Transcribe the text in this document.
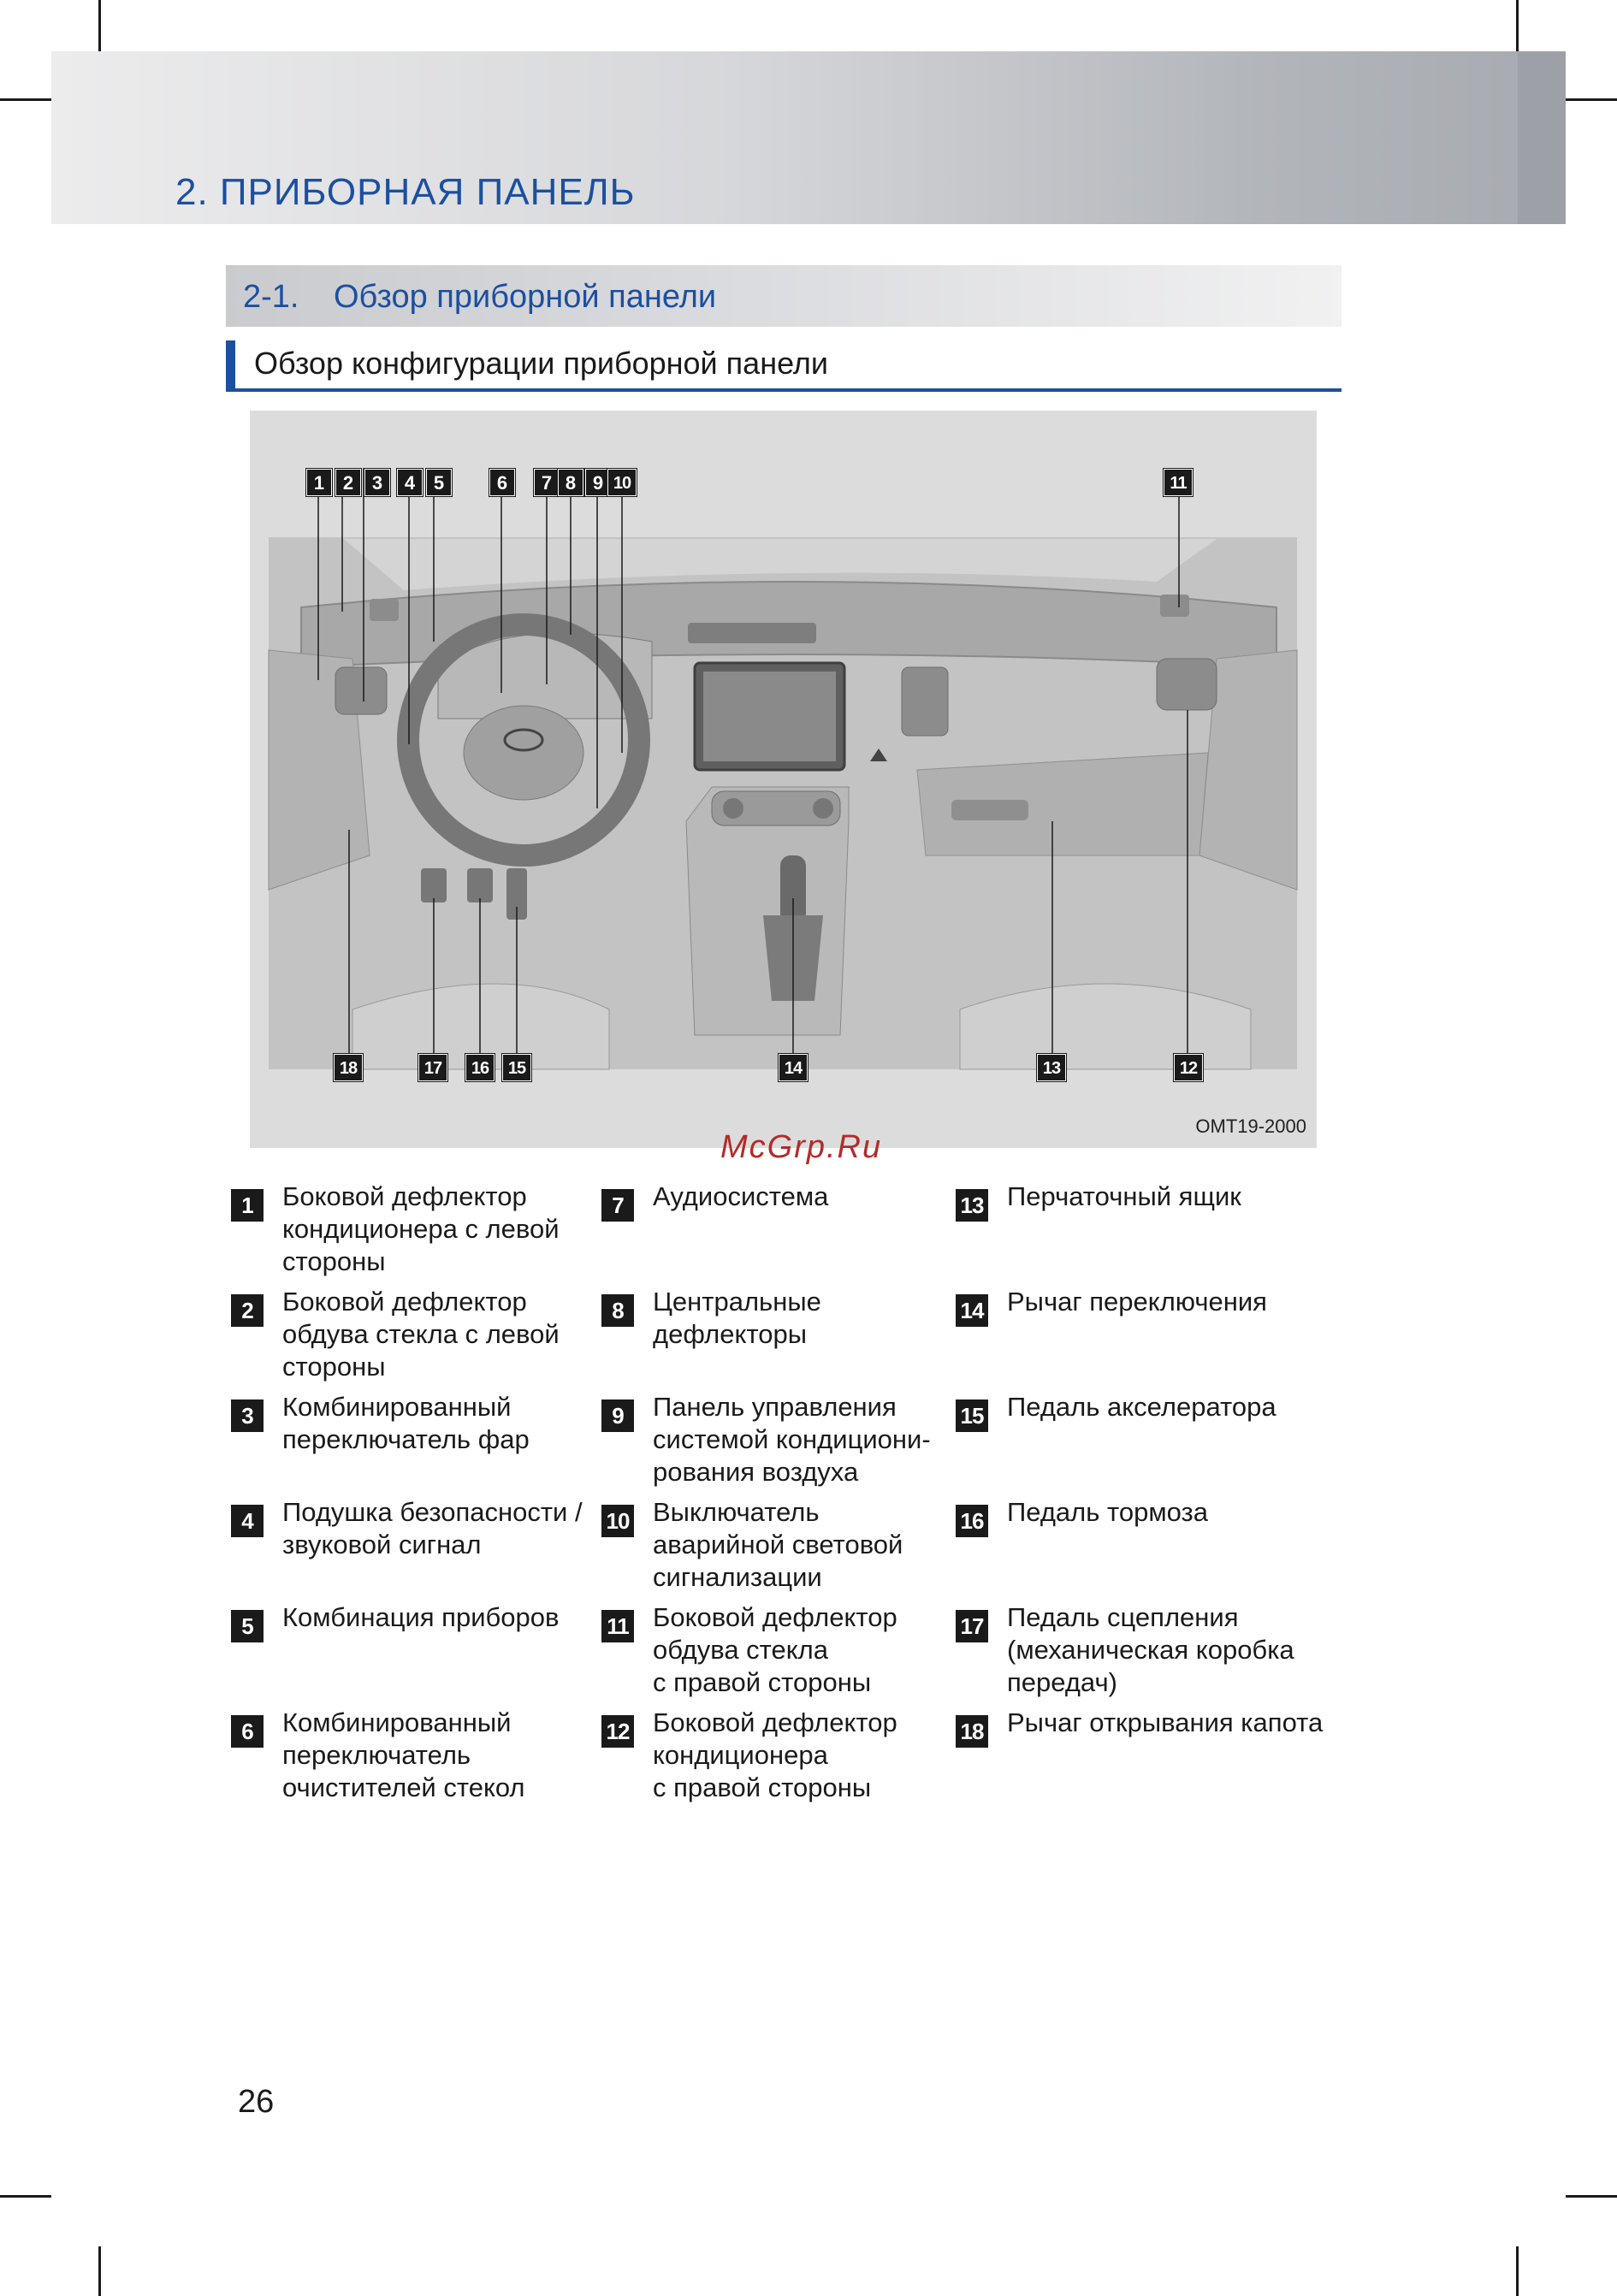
2. ПРИБОРНАЯ ПАНЕЛЬ
2-1. Обзор приборной панели
Обзор конфигурации приборной панели
1 2 3	4 5	6	7 8 9 10	11
12
13
14
15
16
17
18
OMT19-2000
McGrp.Ru
1	Боковой дефлектор
кондиционера с левой
стороны
2	Боковой дефлектор
обдува стекла с левой
стороны
3	Комбинированный
переключатель фар
4	Подушка безопасности /
звуковой сигнал
5	Комбинация приборов
6	Комбинированный
переключатель
очистителей стекол
7	Аудиосистема
8	Центральные
дефлекторы
9	Панель управления
системой кондициони-
рования воздуха
10 Выключатель
аварийной световой
сигнализации
11 Боковой дефлектор
обдува стекла
с правой стороны
12 Боковой дефлектор
кондиционера
с правой стороны
13 Перчаточный ящик
14 Рычаг переключения
15 Педаль акселератора
16 Педаль тормоза
17 Педаль сцепления
(механическая коробка
передач)
18 Рычаг открывания капота
26
